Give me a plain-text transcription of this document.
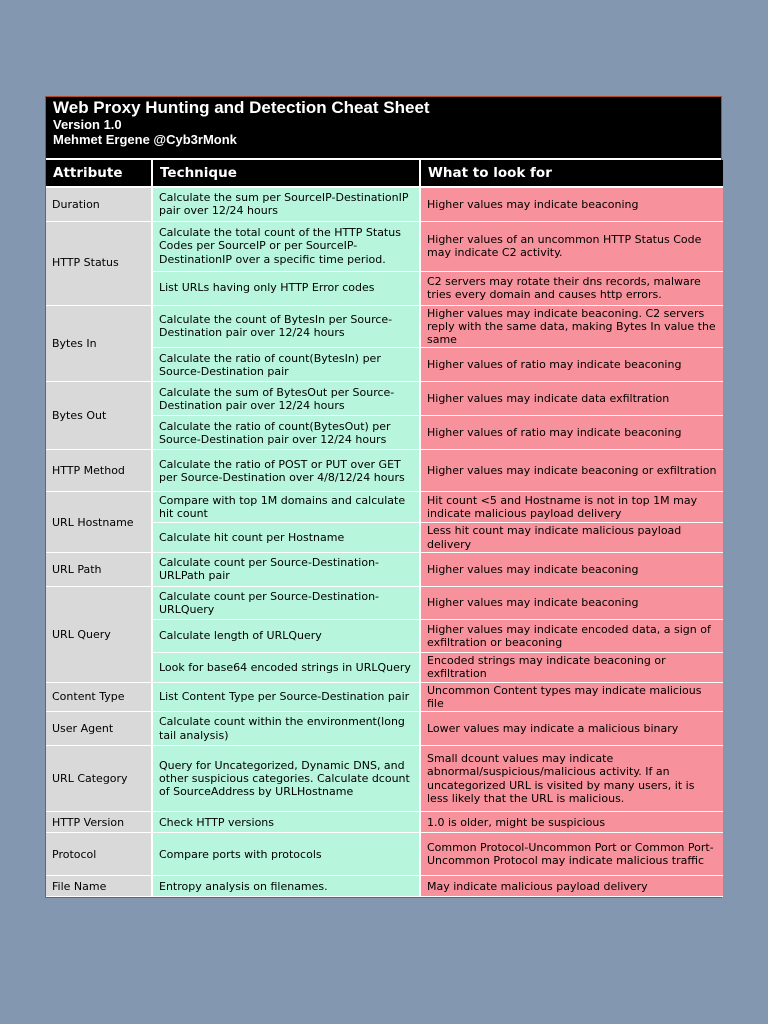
Web Proxy Hunting and Detection Cheat Sheet
Version 1.0
Mehmet Ergene @Cyb3rMonk
Attribute	Technique	What to look for
Duration	Calculate the sum per SourceIP-DestinationIP pair over 12/24 hours	Higher values may indicate beaconing
HTTP Status	Calculate the total count of the HTTP Status Codes per SourceIP or per SourceIP-DestinationIP over a specific time period.	Higher values of an uncommon HTTP Status Code may indicate C2 activity.
	List URLs having only HTTP Error codes	C2 servers may rotate their dns records, malware tries every domain and causes http errors.
Bytes In	Calculate the count of BytesIn per Source-Destination pair over 12/24 hours	Higher values may indicate beaconing. C2 servers reply with the same data, making Bytes In value the same
	Calculate the ratio of count(BytesIn) per Source-Destination pair	Higher values of ratio may indicate beaconing
Bytes Out	Calculate the sum of BytesOut per Source-Destination pair over 12/24 hours	Higher values may indicate data exfiltration
	Calculate the ratio of count(BytesOut) per Source-Destination pair over 12/24 hours	Higher values of ratio may indicate beaconing
HTTP Method	Calculate the ratio of POST or PUT over GET per Source-Destination over 4/8/12/24 hours	Higher values may indicate beaconing or exfiltration
URL Hostname	Compare with top 1M domains and calculate hit count	Hit count <5 and Hostname is not in top 1M may indicate malicious payload delivery
	Calculate hit count per Hostname	Less hit count may indicate malicious payload delivery
URL Path	Calculate count per Source-Destination-URLPath pair	Higher values may indicate beaconing
URL Query	Calculate count per Source-Destination-URLQuery	Higher values may indicate beaconing
	Calculate length of URLQuery	Higher values may indicate encoded data, a sign of exfiltration or beaconing
	Look for base64 encoded strings in URLQuery	Encoded strings may indicate beaconing or exfiltration
Content Type	List Content Type per Source-Destination pair	Uncommon Content types may indicate malicious file
User Agent	Calculate count within the environment(long tail analysis)	Lower values may indicate a malicious binary
URL Category	Query for Uncategorized, Dynamic DNS, and other suspicious categories. Calculate dcount of SourceAddress by URLHostname	Small dcount values may indicate abnormal/suspicious/malicious activity. If an uncategorized URL is visited by many users, it is less likely that the URL is malicious.
HTTP Version	Check HTTP versions	1.0 is older, might be suspicious
Protocol	Compare ports with protocols	Common Protocol-Uncommon Port or Common Port-Uncommon Protocol may indicate malicious traffic
File Name	Entropy analysis on filenames.	May indicate malicious payload delivery
